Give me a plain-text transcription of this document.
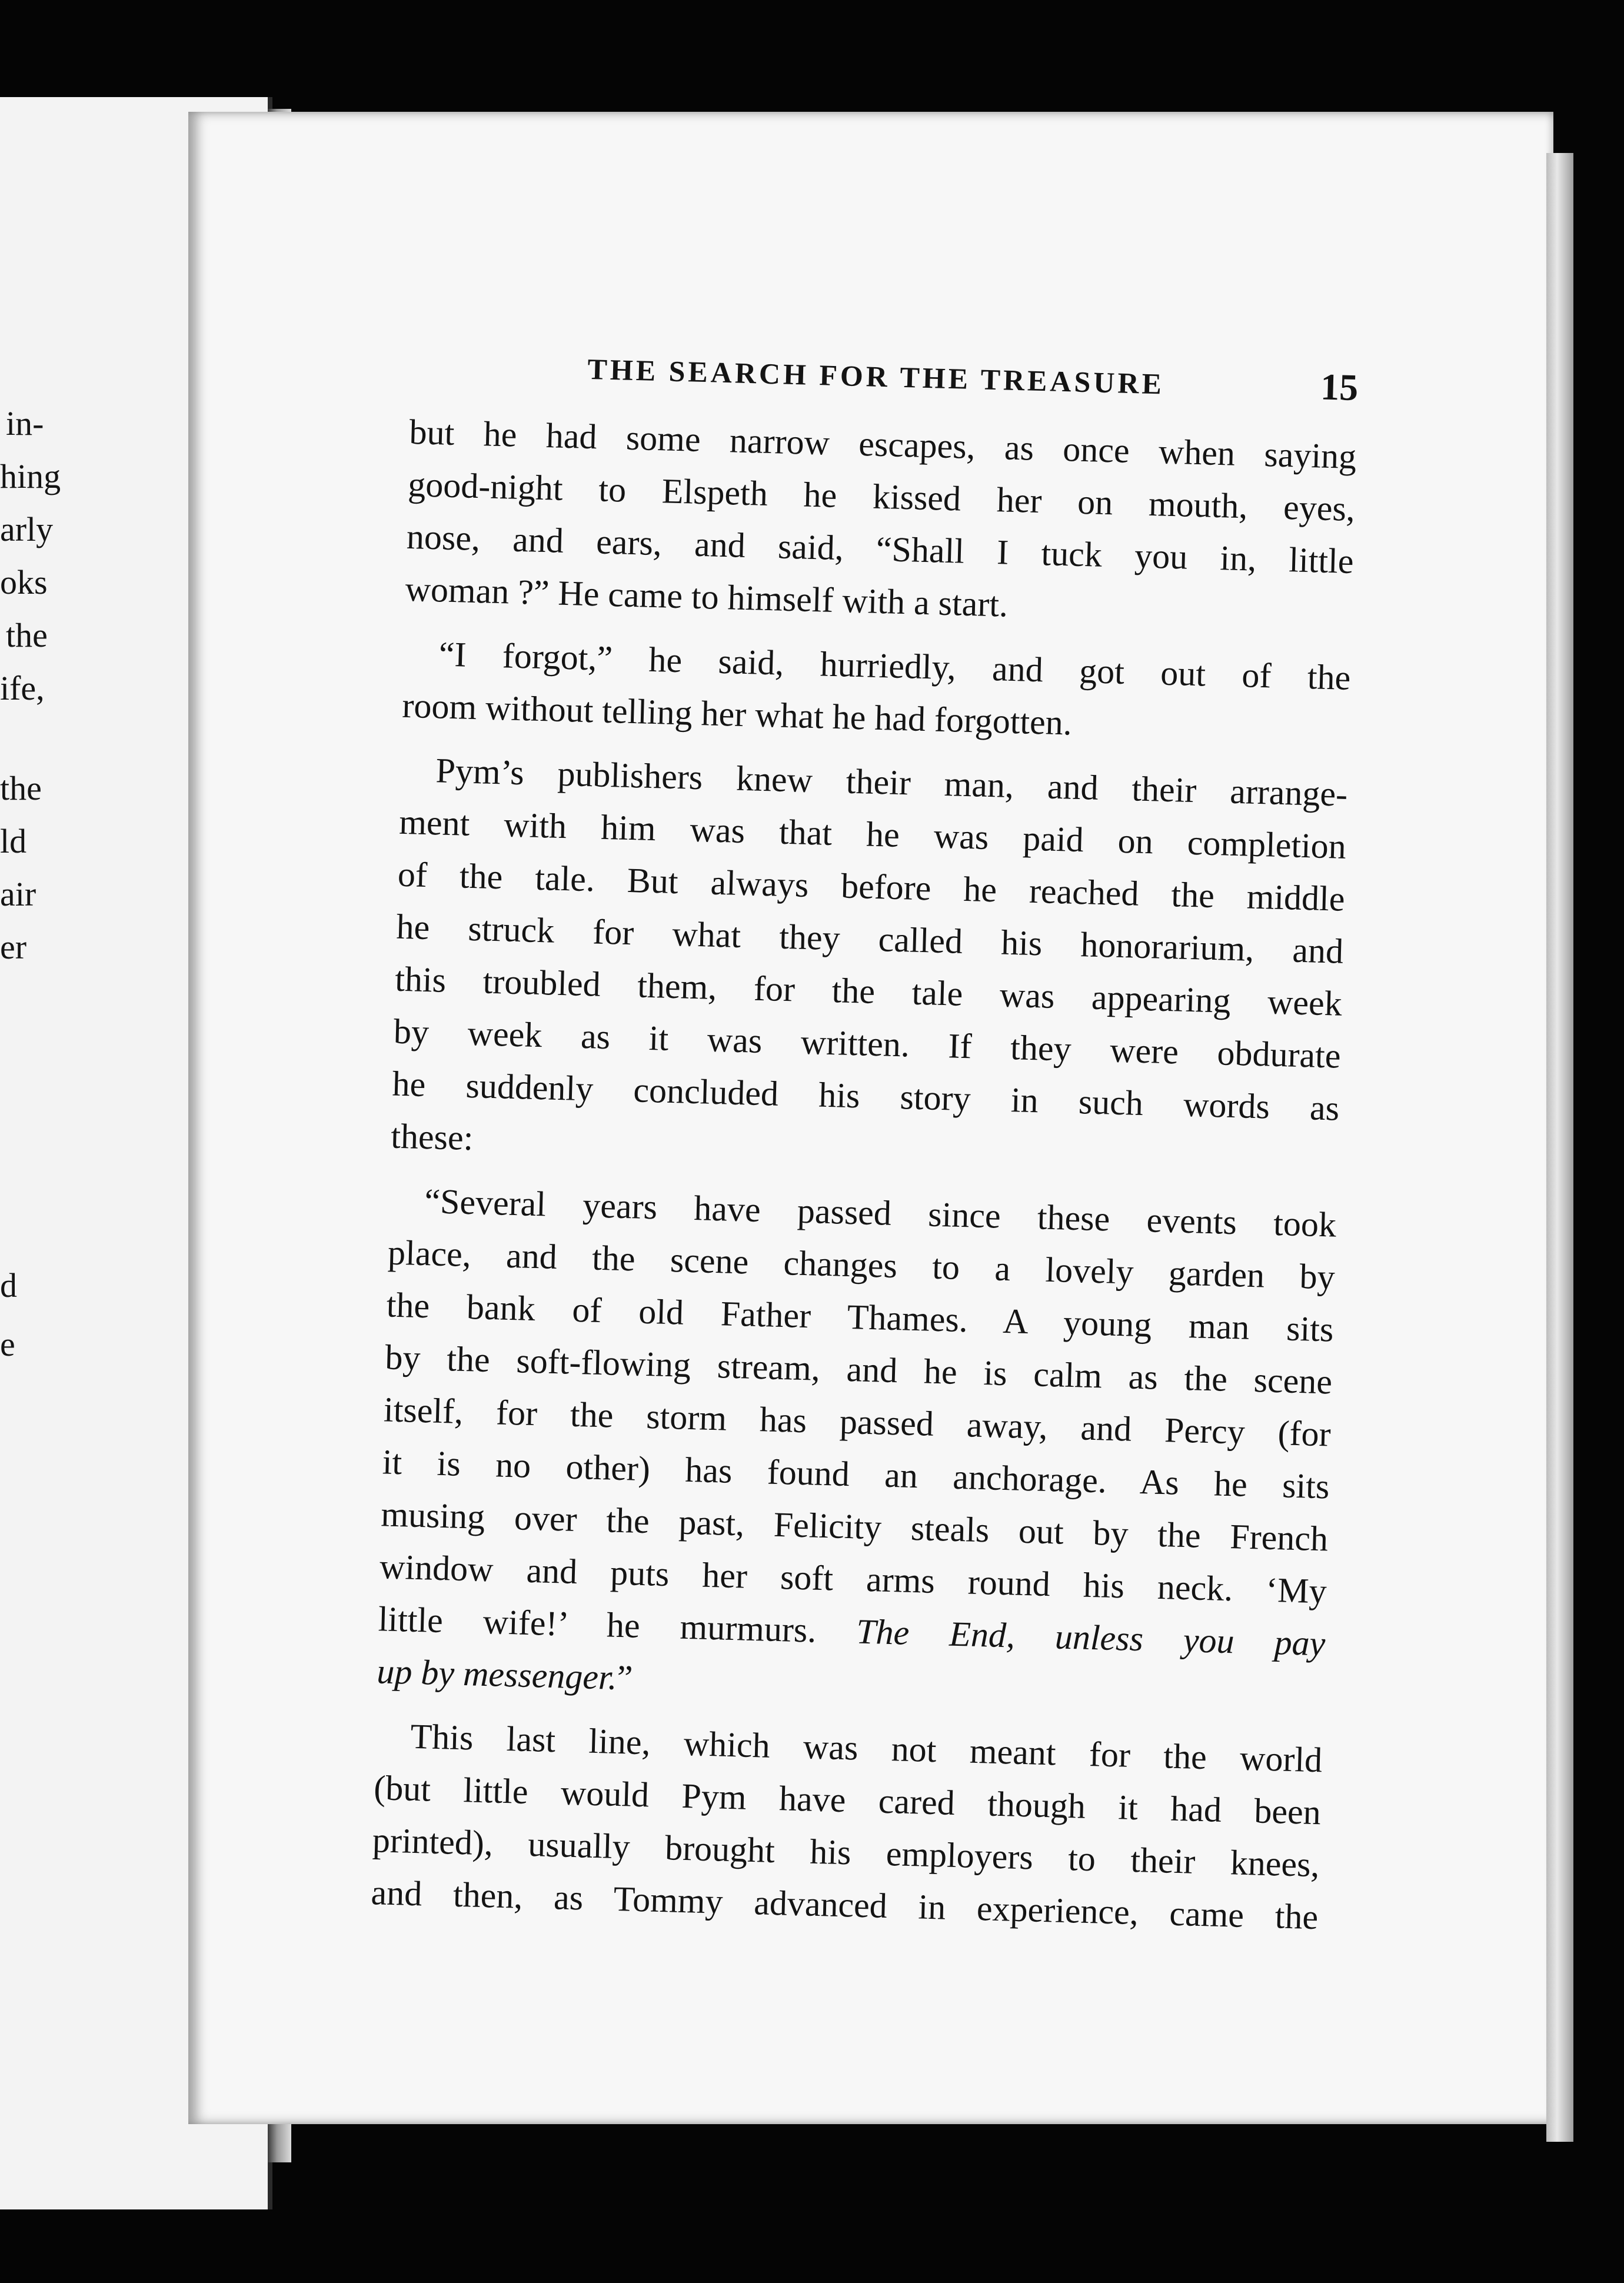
in-
hing
arly
oks
the
ife,
the
ld
air
er
d
e
THE SEARCH FOR THE TREASURE	15

but he had some narrow escapes, as once when saying
good-night to Elspeth he kissed her on mouth, eyes,
nose, and ears, and said, “Shall I tuck you in, little
woman ?” He came to himself with a start.

“I forgot,” he said, hurriedly, and got out of the
room without telling her what he had forgotten.

Pym’s publishers knew their man, and their arrange-
ment with him was that he was paid on completion
of the tale. But always before he reached the middle
he struck for what they called his honorarium, and
this troubled them, for the tale was appearing week
by week as it was written. If they were obdurate
he suddenly concluded his story in such words as
these:

“Several years have passed since these events took
place, and the scene changes to a lovely garden by
the bank of old Father Thames. A young man sits
by the soft-flowing stream, and he is calm as the scene
itself, for the storm has passed away, and Percy (for
it is no other) has found an anchorage. As he sits
musing over the past, Felicity steals out by the French
window and puts her soft arms round his neck. ‘My
little wife!’ he murmurs. The End, unless you pay
up by messenger.”

This last line, which was not meant for the world
(but little would Pym have cared though it had been
printed), usually brought his employers to their knees,
and then, as Tommy advanced in experience, came the
